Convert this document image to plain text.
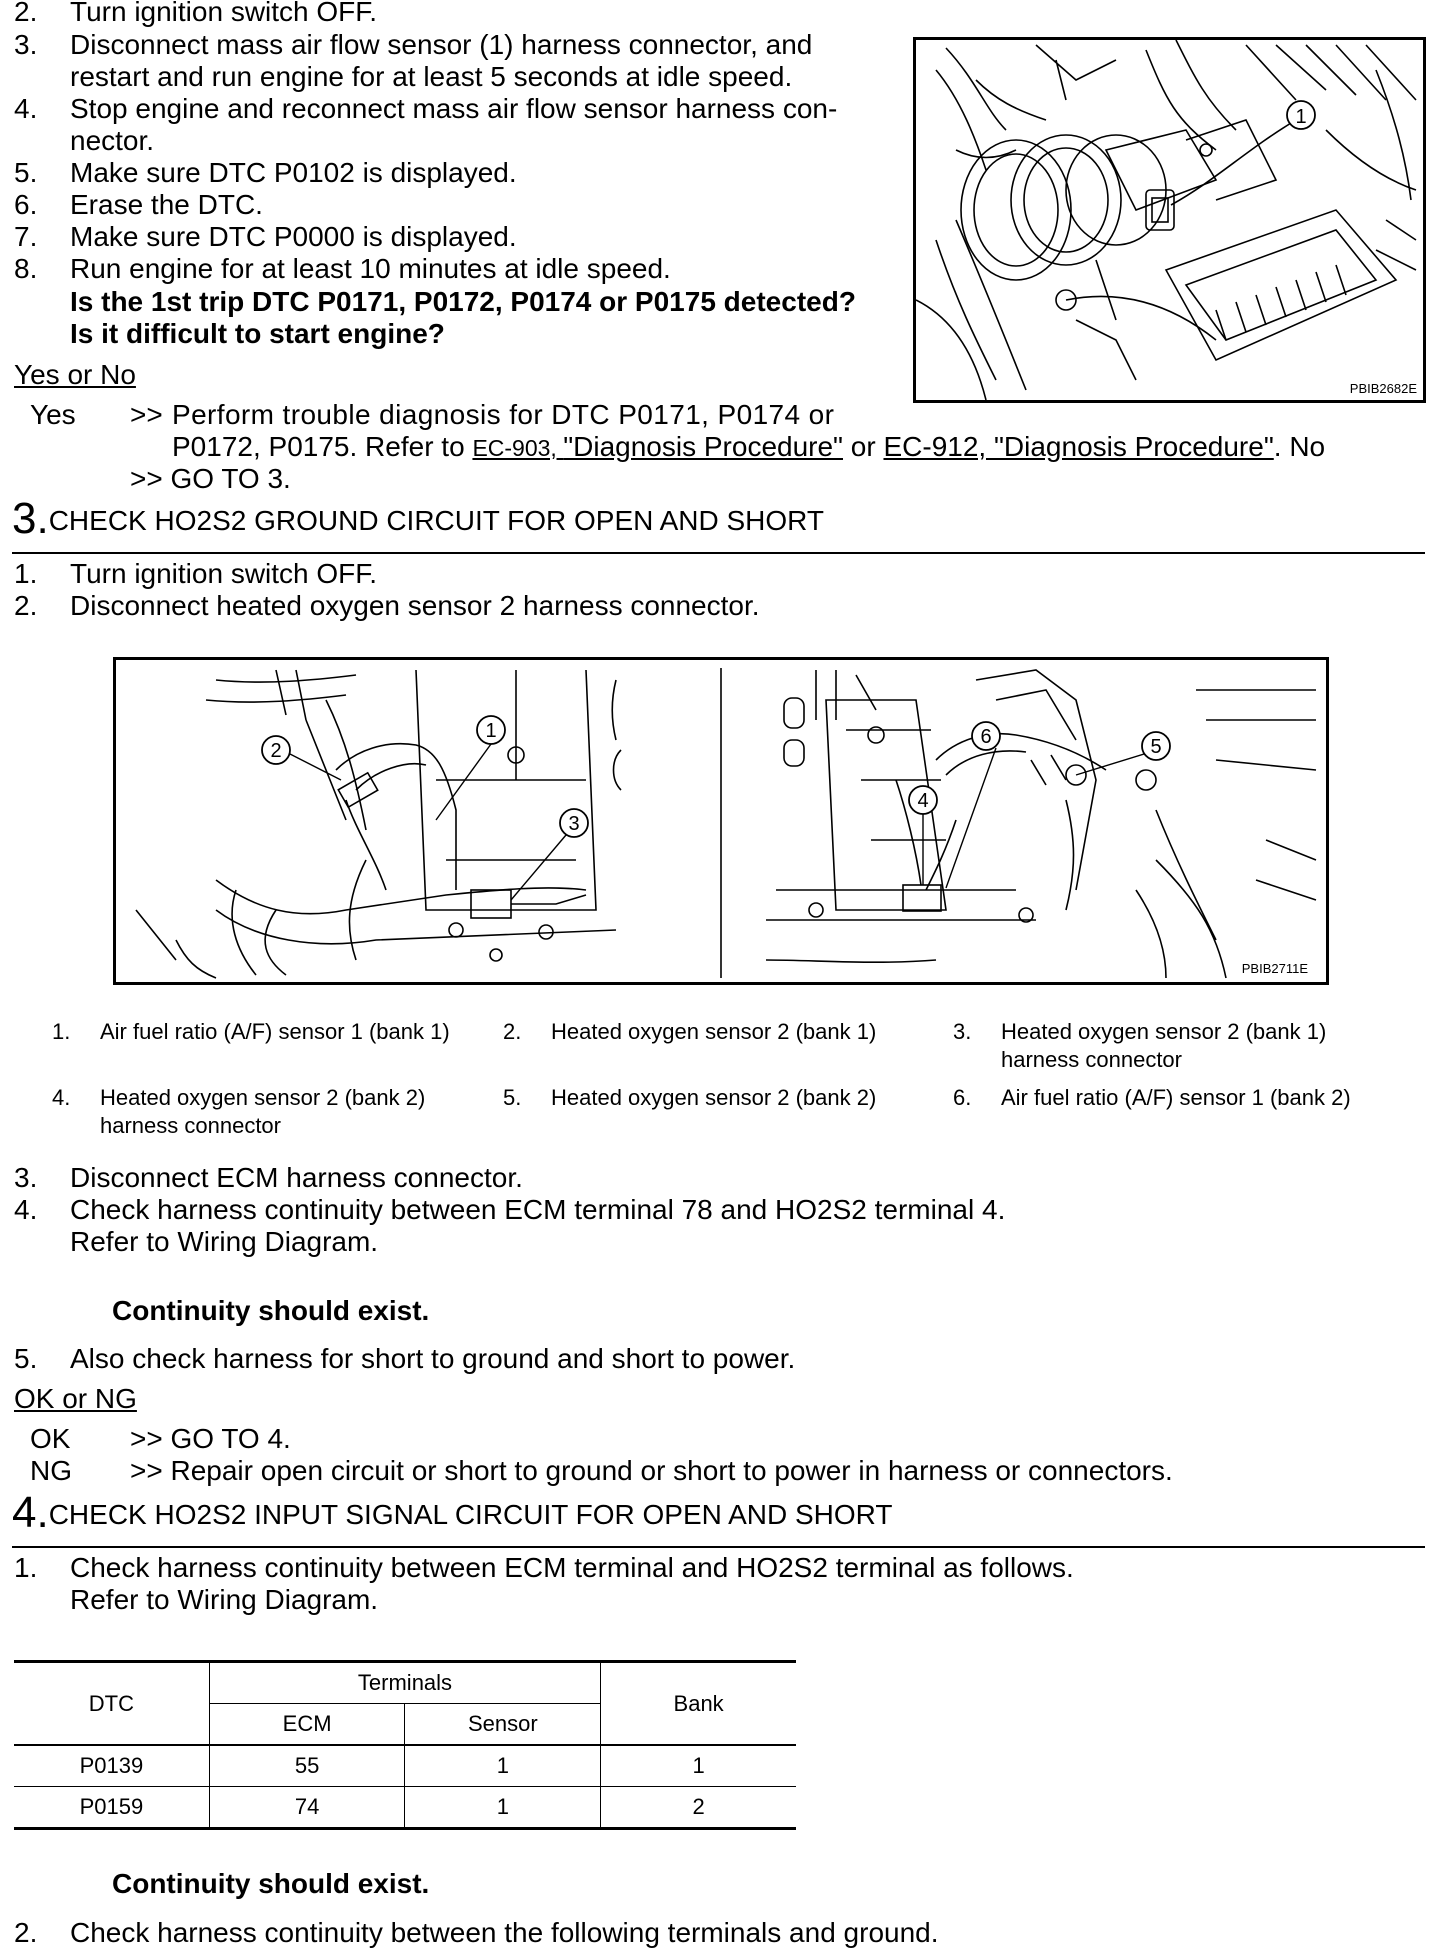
2. Turn ignition switch OFF.
3. Disconnect mass air flow sensor (1) harness connector, and
restart and run engine for at least 5 seconds at idle speed.
4. Stop engine and reconnect mass air flow sensor harness con-
nector.
5. Make sure DTC P0102 is displayed.
6. Erase the DTC.
7. Make sure DTC P0000 is displayed.
8. Run engine for at least 10 minutes at idle speed.
Is the 1st trip DTC P0171, P0172, P0174 or P0175 detected?
Is it difficult to start engine?
Yes or No
Yes >> Perform trouble diagnosis for DTC P0171, P0174 or
P0172, P0175. Refer to EC-903, "Diagnosis Procedure" or EC-912, "Diagnosis Procedure". No
>> GO TO 3.
1
PBIB2682E
3.CHECK HO2S2 GROUND CIRCUIT FOR OPEN AND SHORT
1. Turn ignition switch OFF.
2. Disconnect heated oxygen sensor 2 harness connector.
1
2
3
4
5
6
PBIB2711E
1. Air fuel ratio (A/F) sensor 1 (bank 1) 2. Heated oxygen sensor 2 (bank 1)	3. Heated oxygen sensor 2 (bank 1)
harness connector
4. Heated oxygen sensor 2 (bank 2)
harness connector
5. Heated oxygen sensor 2 (bank 2)	6. Air fuel ratio (A/F) sensor 1 (bank 2)
3. Disconnect ECM harness connector.
4. Check harness continuity between ECM terminal 78 and HO2S2 terminal 4.
Refer to Wiring Diagram.
Continuity should exist.
5. Also check harness for short to ground and short to power.
OK or NG
OK >> GO TO 4.
NG >> Repair open circuit or short to ground or short to power in harness or connectors.
4.CHECK HO2S2 INPUT SIGNAL CIRCUIT FOR OPEN AND SHORT
1. Check harness continuity between ECM terminal and HO2S2 terminal as follows.
Refer to Wiring Diagram.
DTC	Terminals		Bank
	ECM	Sensor	
P0139	55	1	1
P0159	74	1	2
Continuity should exist.
2. Check harness continuity between the following terminals and ground.
